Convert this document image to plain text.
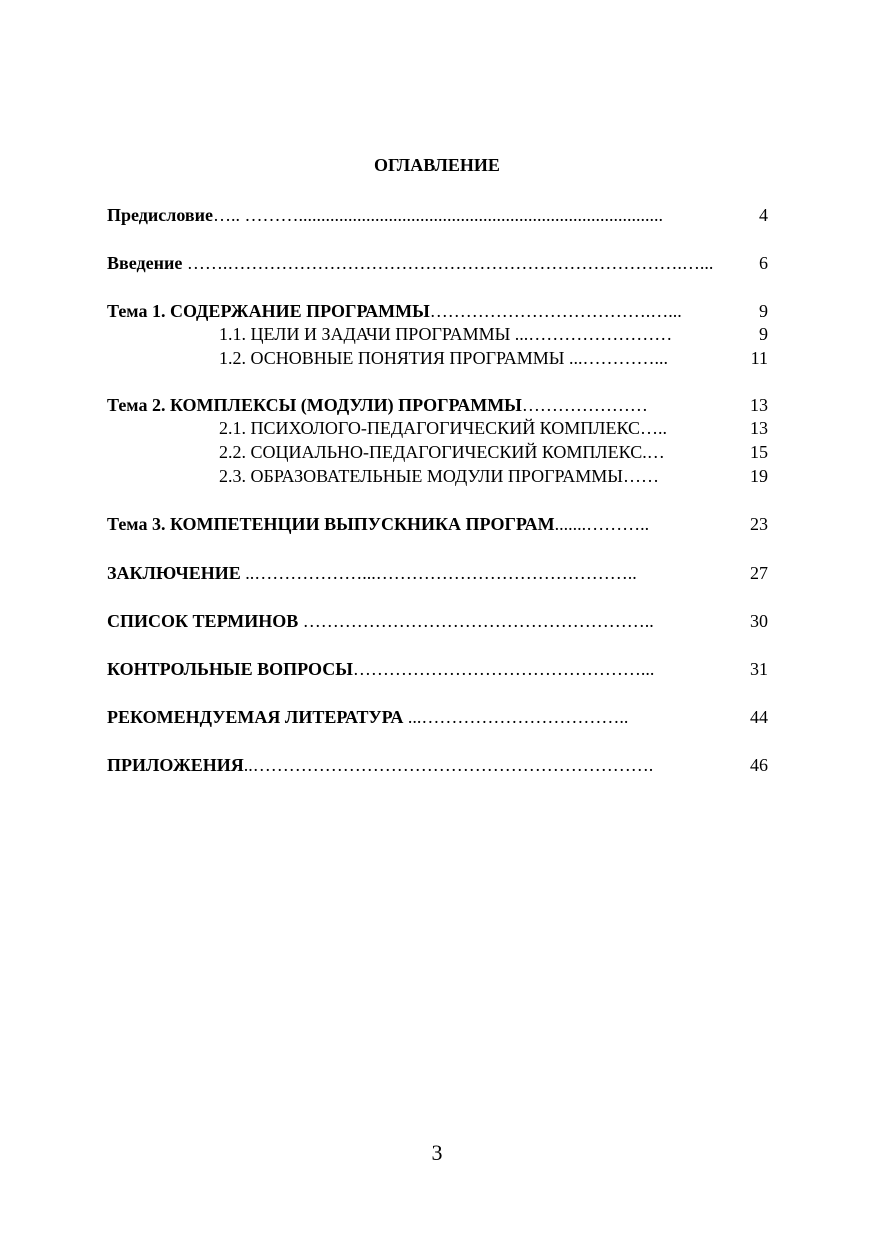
ОГЛАВЛЕНИЕ
Предисловие….. ……….................................................................................	4
Введение …….………………………………………………………………….…...	6
Тема 1. СОДЕРЖАНИЕ ПРОГРАММЫ……………………………….…...	9
1.1. ЦЕЛИ И ЗАДАЧИ ПРОГРАММЫ ...……………………	9
1.2. ОСНОВНЫЕ ПОНЯТИЯ ПРОГРАММЫ ...…………...	11
Тема 2. КОМПЛЕКСЫ (МОДУЛИ) ПРОГРАММЫ…………………	13
2.1. ПСИХОЛОГО-ПЕДАГОГИЧЕСКИЙ КОМПЛЕКС…..	13
2.2. СОЦИАЛЬНО-ПЕДАГОГИЧЕСКИЙ КОМПЛЕКС.…	15
2.3. ОБРАЗОВАТЕЛЬНЫЕ МОДУЛИ ПРОГРАММЫ……	19
Тема 3. КОМПЕТЕНЦИИ ВЫПУСКНИКА ПРОГРАМ.......………..	23
ЗАКЛЮЧЕНИЕ ..………………...……………………………………..	27
СПИСОК ТЕРМИНОВ …………………………………………………..	30
КОНТРОЛЬНЫЕ ВОПРОСЫ…………………………………………...	31
РЕКОМЕНДУЕМАЯ ЛИТЕРАТУРА ...……………………………..	44
ПРИЛОЖЕНИЯ..………………………………………………………….	46
3
